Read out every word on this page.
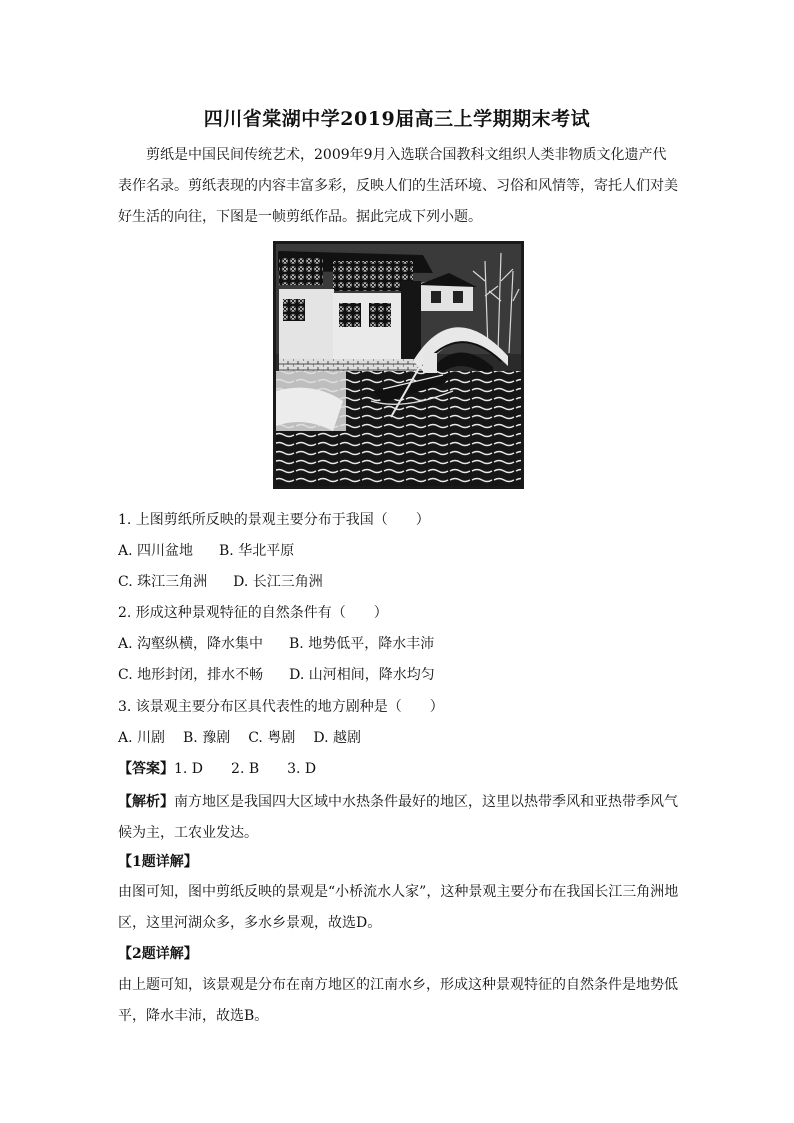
四川省棠湖中学2019届高三上学期期末考试
剪纸是中国民间传统艺术，2009年9月入选联合国教科文组织人类非物质文化遗产代表作名录。剪纸表现的内容丰富多彩，反映人们的生活环境、习俗和风情等，寄托人们对美好生活的向往，下图是一帧剪纸作品。据此完成下列小题。
1. 上图剪纸所反映的景观主要分布于我国（　　）
A. 四川盆地 B. 华北平原
C. 珠江三角洲 D. 长江三角洲
2. 形成这种景观特征的自然条件有（　　）
A. 沟壑纵横，降水集中 B. 地势低平，降水丰沛
C. 地形封闭，排水不畅 D. 山河相间，降水均匀
3. 该景观主要分布区具代表性的地方剧种是（　　）
A. 川剧 B. 豫剧 C. 粤剧 D. 越剧
【答案】1. D　　2. B　　3. D
【解析】南方地区是我国四大区域中水热条件最好的地区，这里以热带季风和亚热带季风气候为主，工农业发达。
【1题详解】
由图可知，图中剪纸反映的景观是“小桥流水人家”，这种景观主要分布在我国长江三角洲地区，这里河湖众多，多水乡景观，故选D。
【2题详解】
由上题可知，该景观是分布在南方地区的江南水乡，形成这种景观特征的自然条件是地势低平，降水丰沛，故选B。
